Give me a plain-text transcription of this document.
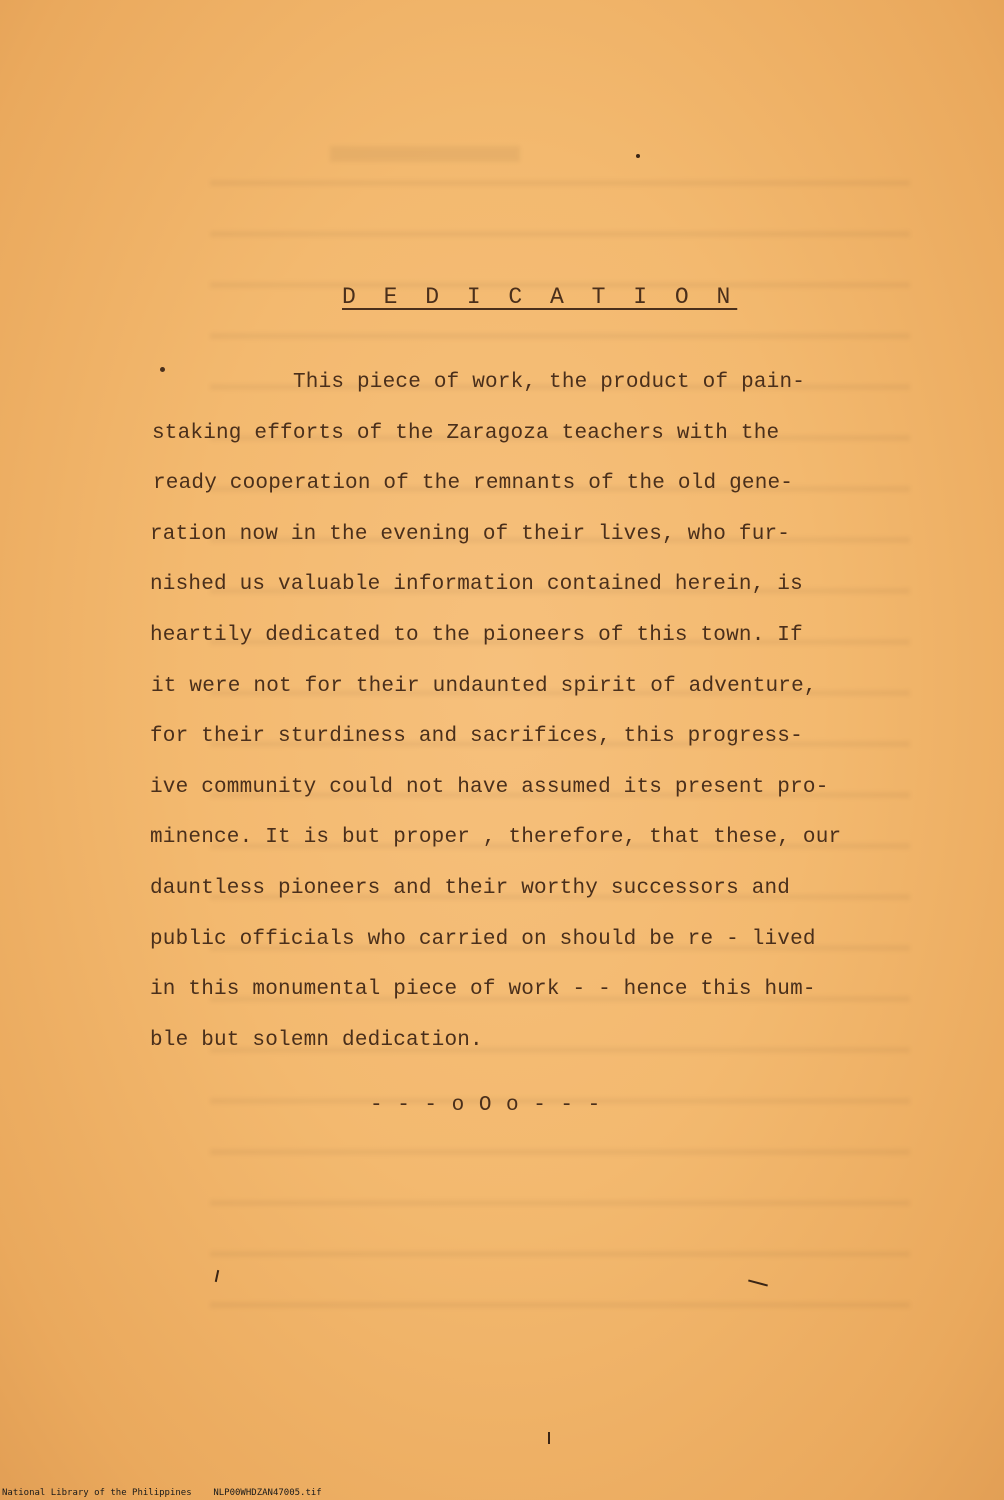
D E D I C A T I O N
This piece of work, the product of pain-
staking efforts of the Zaragoza teachers with the
ready cooperation of the remnants of the old gene-
ration now in the evening of their lives, who fur-
nished us valuable information contained herein, is
heartily dedicated to the pioneers of this town. If
it were not for their undaunted spirit of adventure,
for their sturdiness and sacrifices, this progress-
ive community could not have assumed its present pro-
minence. It is but proper , therefore, that these, our
dauntless pioneers and their worthy successors and
public officials who carried on should be re - lived
in this monumental piece of work - - hence this hum-
ble but solemn dedication.
- - - o O o - - -
National Library of the Philippines NLP00WHDZAN47005.tif
